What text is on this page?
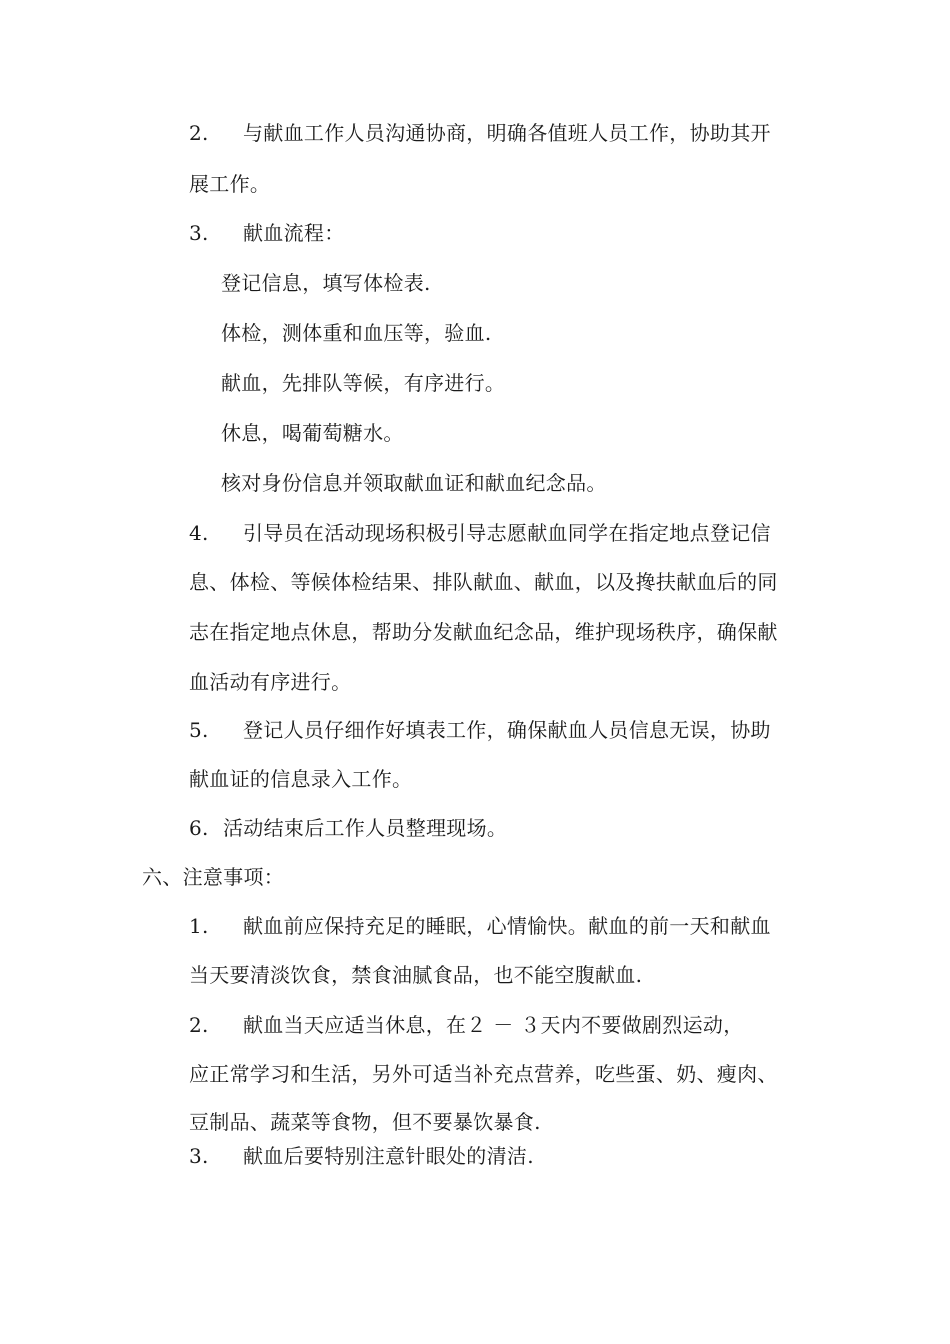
2. 与献血工作人员沟通协商，明确各值班人员工作，协助其开
展工作。
3. 献血流程：
登记信息，填写体检表.
体检，测体重和血压等，验血.
献血，先排队等候，有序进行。
休息，喝葡萄糖水。
核对身份信息并领取献血证和献血纪念品。
4. 引导员在活动现场积极引导志愿献血同学在指定地点登记信
息、体检、等候体检结果、排队献血、献血，以及搀扶献血后的同
志在指定地点休息，帮助分发献血纪念品，维护现场秩序，确保献
血活动有序进行。
5. 登记人员仔细作好填表工作，确保献血人员信息无误，协助
献血证的信息录入工作。
6. 活动结束后工作人员整理现场。
六、注意事项：
1. 献血前应保持充足的睡眠，心情愉快。献血的前一天和献血
当天要清淡饮食，禁食油腻食品，也不能空腹献血.
2. 献血当天应适当休息，在２ － ３天内不要做剧烈运动，
应正常学习和生活，另外可适当补充点营养，吃些蛋、奶、瘦肉、
豆制品、蔬菜等食物，但不要暴饮暴食.
3. 献血后要特别注意针眼处的清洁.
